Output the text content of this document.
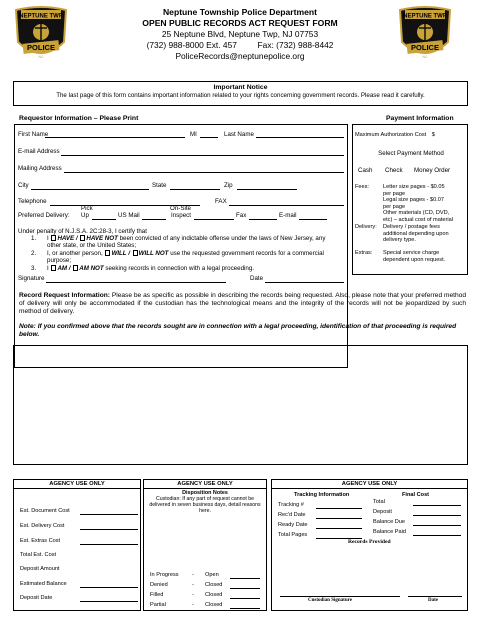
NEPTUNE TWP
POLICE
NJ
NEPTUNE TWP
POLICE
NJ
Neptune Township Police Department
OPEN PUBLIC RECORDS ACT REQUEST FORM
25 Neptune Blvd, Neptune Twp, NJ 07753
(732) 988-8000 Ext. 457 Fax: (732) 988-8442
PoliceRecords@neptunepolice.org
Important Notice
The last page of this form contains important information related to your rights concerning government records. Please read it carefully.
Requestor Information – Please Print	Payment Information
First Name	MI	Last Name
E-mail Address
Mailing Address
City	State	Zip
Telephone	FAX
Pick	On-Site
Preferred Delivery: Up	US Mail	Inspect	Fax	E-mail
Under penalty of N.J.S.A. 2C:28-3, I certify that
1. I HAVE / HAVE NOT been convicted of any indictable offense under the laws of New Jersey, any
other state, or the United States;
2. I, or another person, WILL / WILL NOT use the requested government records for a commercial
purpose;
3. I AM / AM NOT seeking records in connection with a legal proceeding.
Signature	Date
Maximum Authorization Cost $
Select Payment Method
Cash Check Money Order
Fees:	Letter size pages - $0.05
per page
Legal size pages - $0.07
per page
Other materials (CD, DVD,
etc) – actual cost of material
Delivery: Delivery / postage fees
additional depending upon
delivery type.
Extras: Special service charge
dependent upon request.
Record Request Information: Please be as specific as possible in describing the records being requested. Also, please note that your preferred method of delivery will only be accommodated if the custodian has the technological means and the integrity of the records will not be jeopardized by such method of delivery.
Note: If you confirmed above that the records sought are in connection with a legal proceeding, identification of that proceeding is required below.
AGENCY USE ONLY
Est. Document Cost
Est. Delivery Cost
Est. Extras Cost
Total Est. Cost
Deposit Amount
Estimated Balance
Deposit Date
AGENCY USE ONLY
Disposition Notes
Custodian: If any part of request cannot be delivered in seven business days, detail reasons here.
In Progress - Open
Denied	- Closed
Filled	- Closed
Partial	- Closed
AGENCY USE ONLY
Tracking Information	Final Cost
Tracking #
Rec'd Date
Ready Date
Total Pages
Total
Deposit
Balance Due
Balance Paid
Records Provided
Custodian Signature	Date
